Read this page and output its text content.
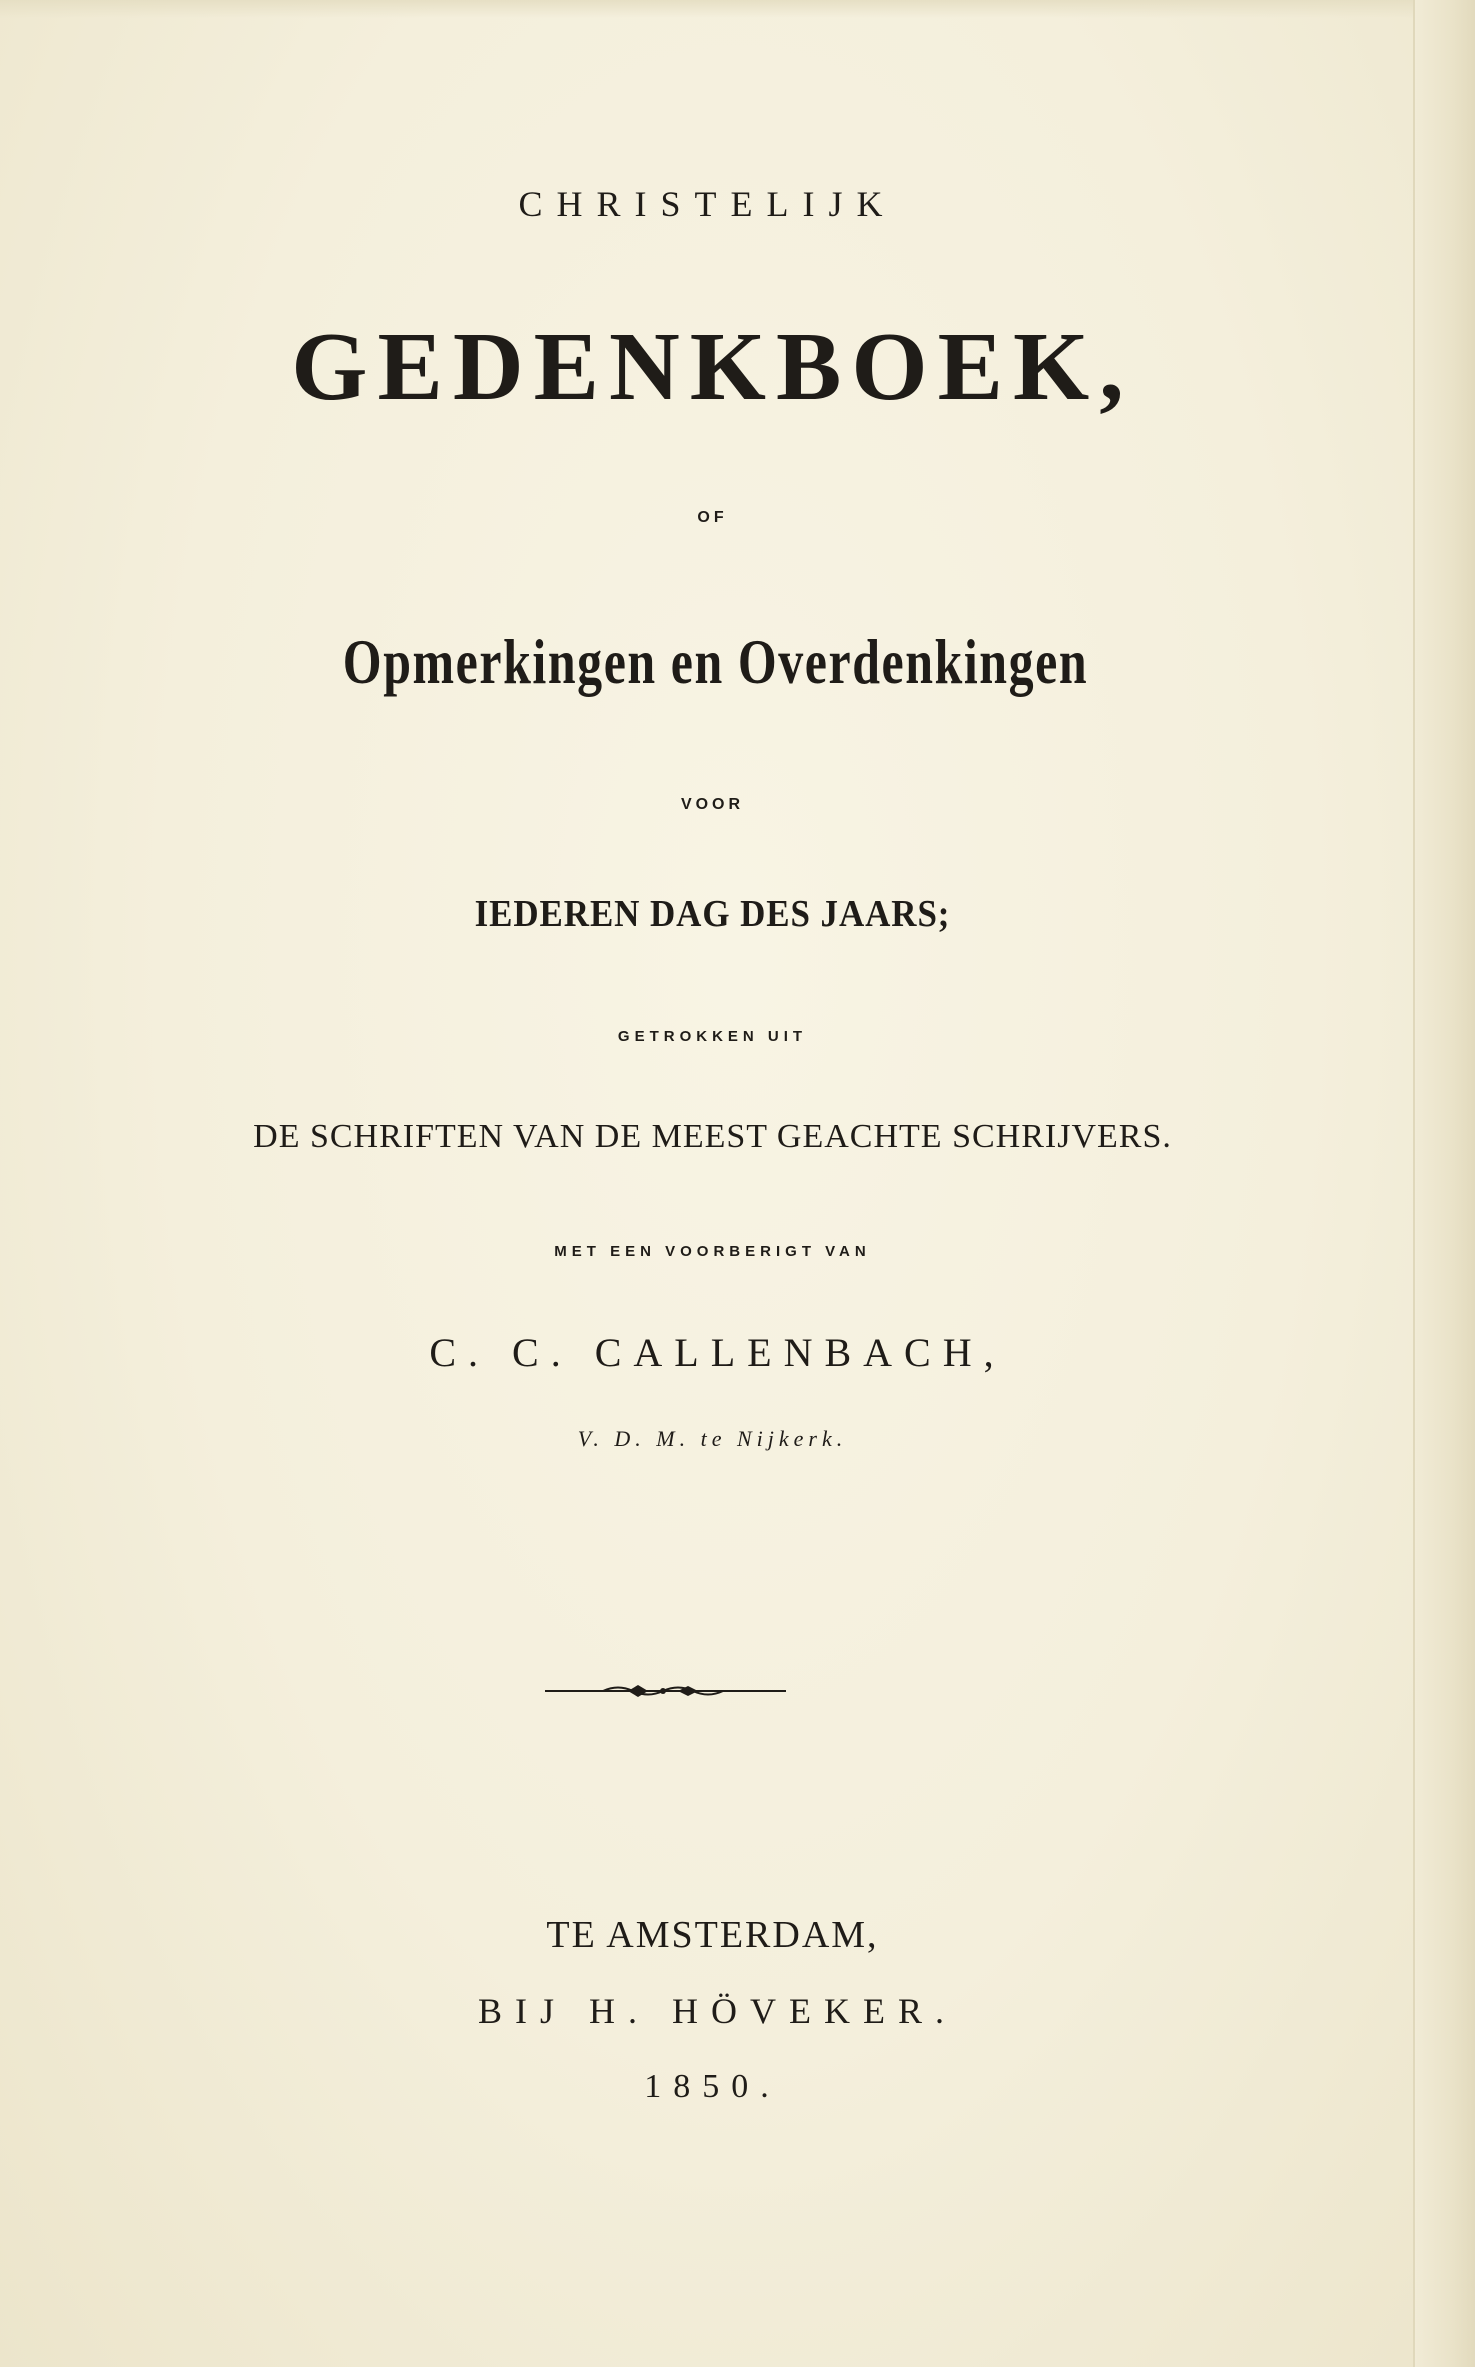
CHRISTELIJK
GEDENKBOEK,
OF
Opmerkingen en Overdenkingen
VOOR
IEDEREN DAG DES JAARS;
GETROKKEN UIT
DE SCHRIFTEN VAN DE MEEST GEACHTE SCHRIJVERS.
MET EEN VOORBERIGT VAN
C. C. CALLENBACH,
V. D. M. te Nijkerk.
TE AMSTERDAM,
BIJ H. HÖVEKER.
1850.
